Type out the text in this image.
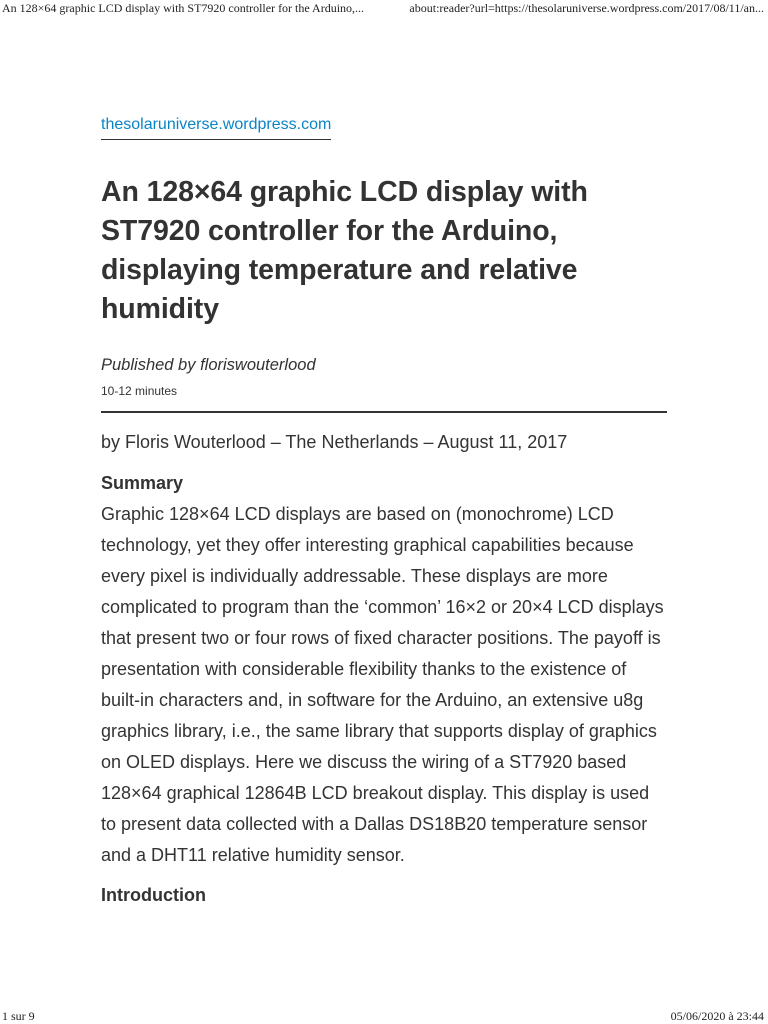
An 128×64 graphic LCD display with ST7920 controller for the Arduino,...	about:reader?url=https://thesolaruniverse.wordpress.com/2017/08/11/an...
thesolaruniverse.wordpress.com
An 128×64 graphic LCD display with ST7920 controller for the Arduino, displaying temperature and relative humidity
Published by floriswouterlood
10-12 minutes

by Floris Wouterlood – The Netherlands – August 11, 2017

Summary

Graphic 128×64 LCD displays are based on (monochrome) LCD technology, yet they offer interesting graphical capabilities because every pixel is individually addressable. These displays are more complicated to program than the ‘common’ 16×2 or 20×4 LCD displays that present two or four rows of fixed character positions. The payoff is presentation with considerable flexibility thanks to the existence of built-in characters and, in software for the Arduino, an extensive u8g graphics library, i.e., the same library that supports display of graphics on OLED displays. Here we discuss the wiring of a ST7920 based 128×64 graphical 12864B LCD breakout display. This display is used to present data collected with a Dallas DS18B20 temperature sensor and a DHT11 relative humidity sensor.

Introduction
1 sur 9	05/06/2020 à 23:44
